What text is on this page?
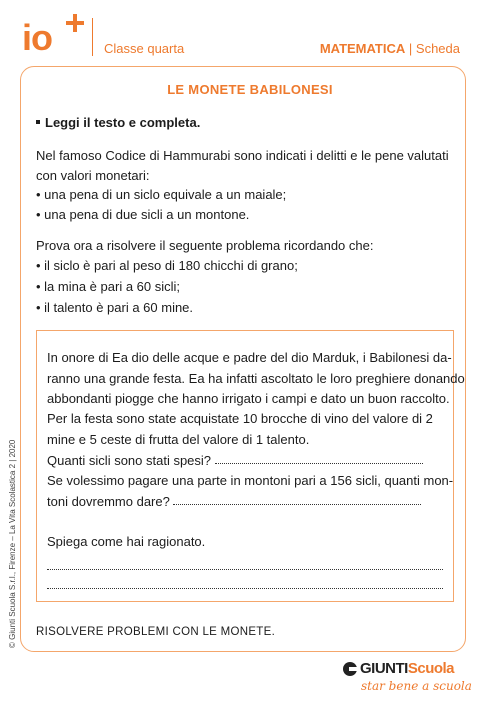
io	Classe quarta	MATEMATICA | Scheda
LE MONETE BABILONESI
Leggi il testo e completa.
Nel famoso Codice di Hammurabi sono indicati i delitti e le pene valutati
con valori monetari:
• una pena di un siclo equivale a un maiale;
• una pena di due sicli a un montone.
Prova ora a risolvere il seguente problema ricordando che:
• il siclo è pari al peso di 180 chicchi di grano;
• la mina è pari a 60 sicli;
• il talento è pari a 60 mine.
In onore di Ea dio delle acque e padre del dio Marduk, i Babilonesi da-
ranno una grande festa. Ea ha infatti ascoltato le loro preghiere donando
abbondanti piogge che hanno irrigato i campi e dato un buon raccolto.
Per la festa sono state acquistate 10 brocche di vino del valore di 2
mine e 5 ceste di frutta del valore di 1 talento.
Quanti sicli sono stati spesi?
Se volessimo pagare una parte in montoni pari a 156 sicli, quanti mon-
toni dovremmo dare?
Spiega come hai ragionato.
RISOLVERE PROBLEMI CON LE MONETE.
© Giunti Scuola S.r.l., Firenze – La Vita Scolastica 2 | 2020
GIUNTIScuola
star bene a scuola
